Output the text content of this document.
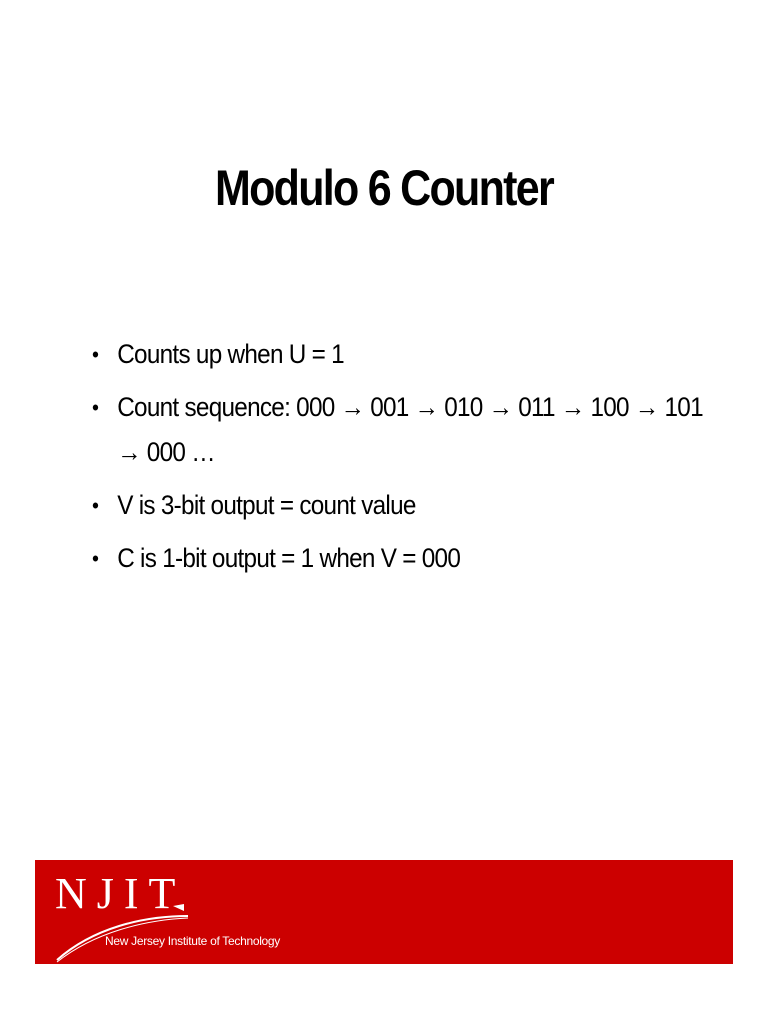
Modulo 6 Counter
• Counts up when U = 1
• Count sequence: 000 → 001 → 010 → 011 → 100 → 101 → 000 …
• V is 3-bit output = count value
• C is 1-bit output = 1 when V = 000
NJIT
New Jersey Institute of Technology
